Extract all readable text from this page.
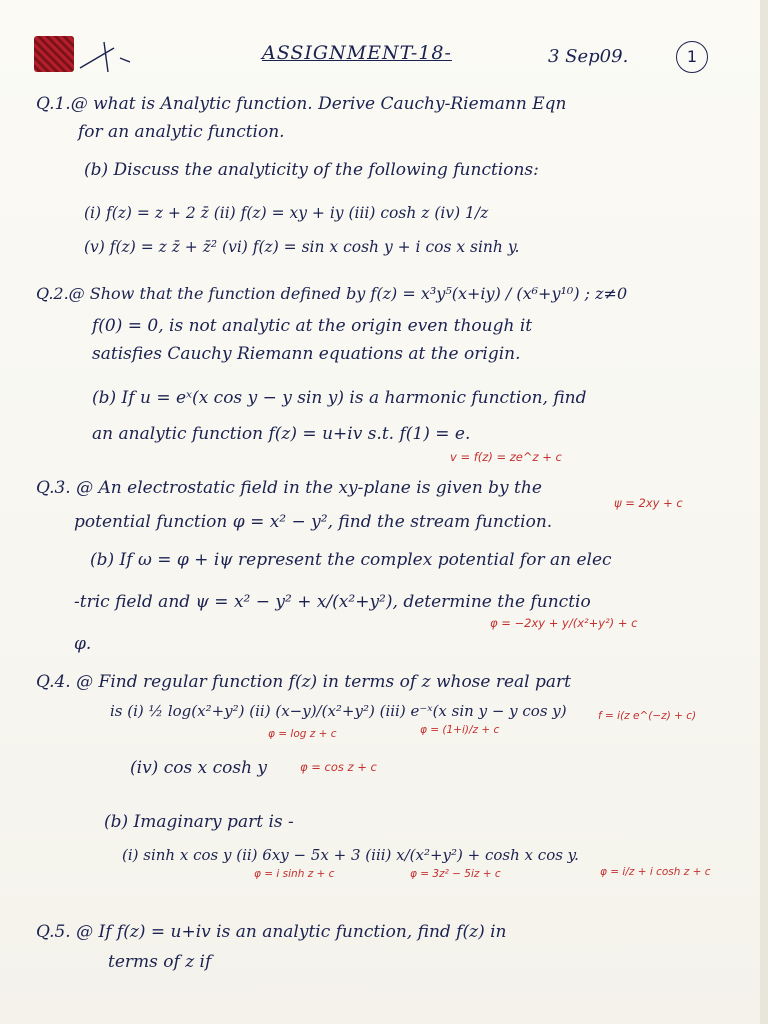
ASSIGNMENT-18-	3 Sep09.	1
Q.1.@ what is Analytic function. Derive Cauchy-Riemann Eqn
for an analytic function.
(b) Discuss the analyticity of the following functions:
(i) f(z) = z + 2 z̄ (ii) f(z) = xy + iy (iii) cosh z (iv) 1/z
(v) f(z) = z z̄ + z̄² (vi) f(z) = sin x cosh y + i cos x sinh y.
Q.2.@ Show that the function defined by f(z) = x³y⁵(x+iy) / (x⁶+y¹⁰) ; z≠0
f(0) = 0, is not analytic at the origin even though it
satisfies Cauchy Riemann equations at the origin.
(b) If u = eˣ(x cos y − y sin y) is a harmonic function, find
an analytic function f(z) = u+iv s.t. f(1) = e.
v = f(z) = ze^z + c
Q.3. @ An electrostatic field in the xy-plane is given by the
potential function φ = x² − y², find the stream function.
ψ = 2xy + c
(b) If ω = φ + iψ represent the complex potential for an elec
-tric field and ψ = x² − y² + x/(x²+y²), determine the functio
φ = −2xy + y/(x²+y²) + c
φ.
Q.4. @ Find regular function f(z) in terms of z whose real part
is (i) ½ log(x²+y²) (ii) (x−y)/(x²+y²) (iii) e⁻ˣ(x sin y − y cos y)
φ = log z + c	φ = (1+i)/z + c
f = i(z e^(−z) + c)
(iv) cos x cosh y	φ = cos z + c
(b) Imaginary part is -
(i) sinh x cos y (ii) 6xy − 5x + 3 (iii) x/(x²+y²) + cosh x cos y.
φ = i sinh z + c	φ = 3z² − 5iz + c	φ = i/z + i cosh z + c
Q.5. @ If f(z) = u+iv is an analytic function, find f(z) in
terms of z if
